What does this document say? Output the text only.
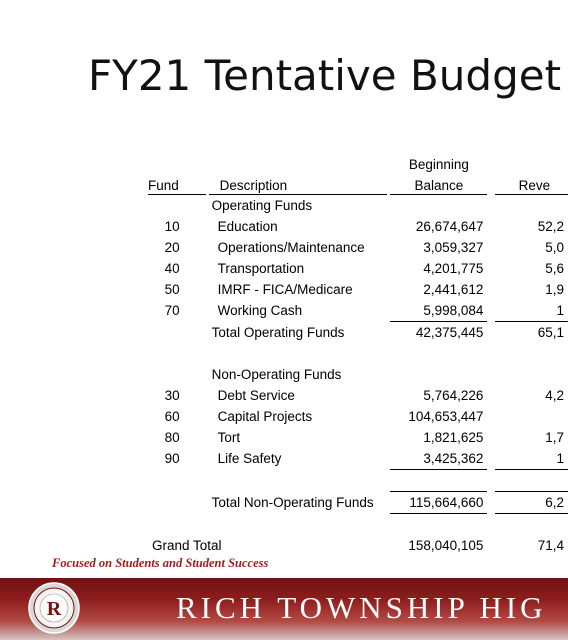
FY21 Tentative Budget
				Beginning		
Fund		Description		Balance		Reve
		Operating Funds				
10		Education		26,674,647		52,2
20		Operations/Maintenance		3,059,327		5,0
40		Transportation		4,201,775		5,6
50		IMRF - FICA/Medicare		2,441,612		1,9
70		Working Cash		5,998,084		1
		Total Operating Funds		42,375,445		65,1

		Non-Operating Funds				
30		Debt Service		5,764,226		4,2
60		Capital Projects		104,653,447		
80		Tort		1,821,625		1,7
90		Life Safety		3,425,362		1

		Total Non-Operating Funds		115,664,660		6,2

Grand Total				158,040,105		71,4

Focused on Students and Student Success

R	RICH TOWNSHIP HIG
